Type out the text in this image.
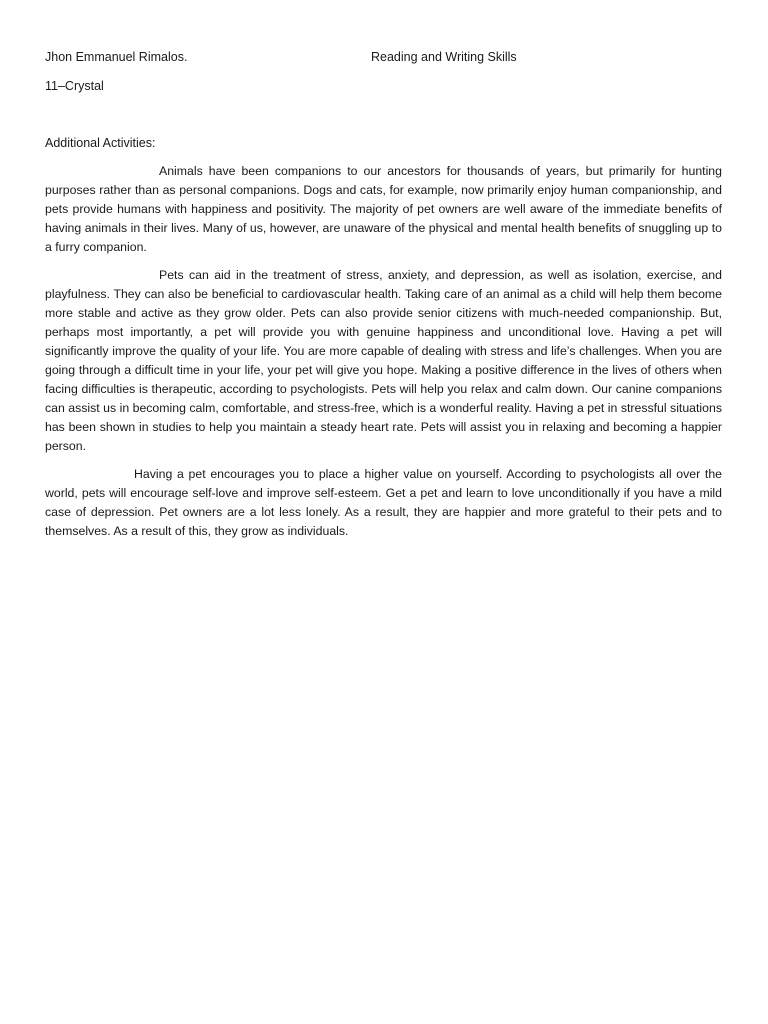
Jhon Emmanuel Rimalos.	Reading and Writing Skills
11–Crystal
Additional Activities:

Animals have been companions to our ancestors for thousands of years, but primarily for hunting purposes rather than as personal companions. Dogs and cats, for example, now primarily enjoy human companionship, and pets provide humans with happiness and positivity. The majority of pet owners are well aware of the immediate benefits of having animals in their lives. Many of us, however, are unaware of the physical and mental health benefits of snuggling up to a furry companion.

Pets can aid in the treatment of stress, anxiety, and depression, as well as isolation, exercise, and playfulness. They can also be beneficial to cardiovascular health. Taking care of an animal as a child will help them become more stable and active as they grow older. Pets can also provide senior citizens with much-needed companionship. But, perhaps most importantly, a pet will provide you with genuine happiness and unconditional love. Having a pet will significantly improve the quality of your life. You are more capable of dealing with stress and life’s challenges. When you are going through a difficult time in your life, your pet will give you hope. Making a positive difference in the lives of others when facing difficulties is therapeutic, according to psychologists. Pets will help you relax and calm down. Our canine companions can assist us in becoming calm, comfortable, and stress-free, which is a wonderful reality. Having a pet in stressful situations has been shown in studies to help you maintain a steady heart rate. Pets will assist you in relaxing and becoming a happier person.

Having a pet encourages you to place a higher value on yourself. According to psychologists all over the world, pets will encourage self-love and improve self-esteem. Get a pet and learn to love unconditionally if you have a mild case of depression. Pet owners are a lot less lonely. As a result, they are happier and more grateful to their pets and to themselves. As a result of this, they grow as individuals.
